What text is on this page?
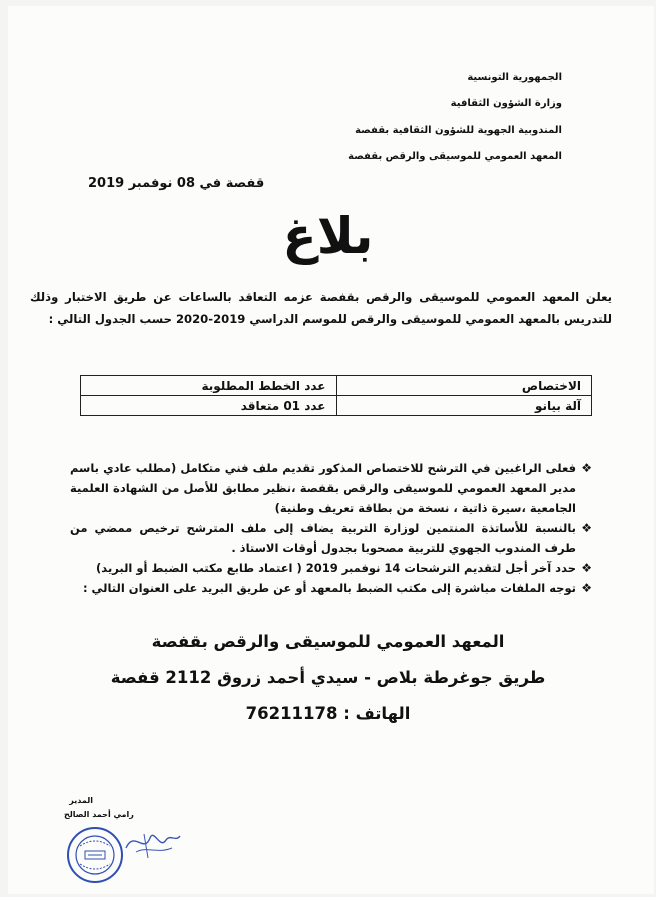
الجمهورية التونسية
وزارة الشؤون الثقافية
المندوبية الجهوية للشؤون الثقافية بقفصة
المعهد العمومي للموسيقى والرقص بقفصة
قفصة في 08 نوفمبر 2019
بلاغ
يعلن المعهد العمومي للموسيقى والرقص بقفصة عزمه التعاقد بالساعات عن طريق الاختبار وذلك للتدريس بالمعهد العمومي للموسيقى والرقص للموسم الدراسي 2019-2020 حسب الجدول التالي :
الاختصاص	عدد الخطط المطلوبة
آلة بيانو	عدد 01 متعاقد
❖
فعلى الراغبين في الترشح للاختصاص المذكور تقديم ملف فني متكامل (مطلب عادي باسم مدير المعهد العمومي للموسيقى والرقص بقفصة ،نظير مطابق للأصل من الشهادة العلمية الجامعية ،سيرة ذاتية ، نسخة من بطاقة تعريف وطنية)
❖
بالنسبة للأساتذة المنتمين لوزارة التربية يضاف إلى ملف المترشح ترخيص ممضي من طرف المندوب الجهوي للتربية مصحوبا بجدول أوقات الاستاذ .
❖
حدد آخر أجل لتقديم الترشحات 14 نوفمبر 2019 ( اعتماد طابع مكتب الضبط أو البريد)
❖
توجه الملفات مباشرة إلى مكتب الضبط بالمعهد أو عن طريق البريد على العنوان التالي :
المعهد العمومي للموسيقى والرقص بقفصة
طريق جوغرطة بلاص - سيدي أحمد زروق 2112 قفصة
الهاتف : 76211178
المدير
رامي أحمد الصالح
